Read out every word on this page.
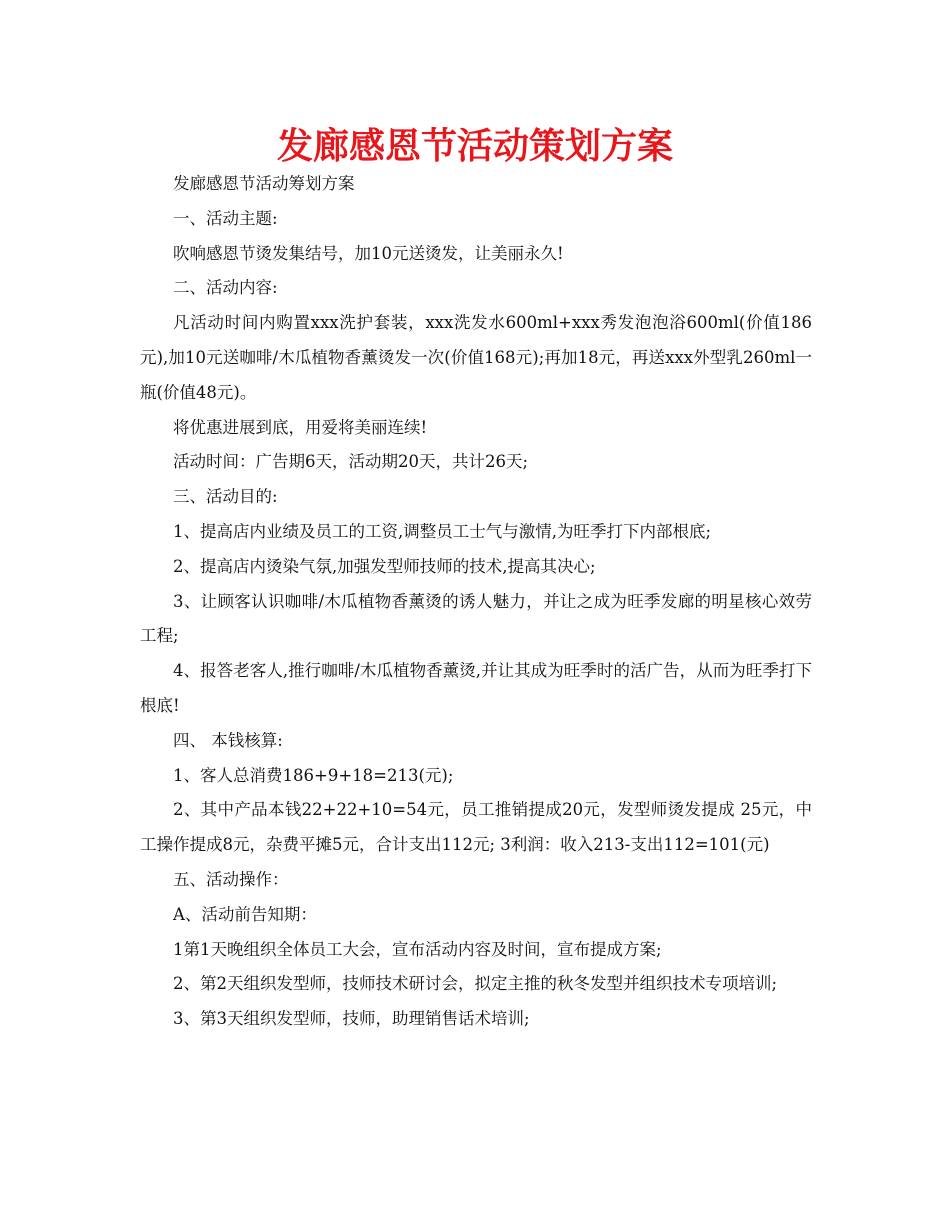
发廊感恩节活动策划方案

发廊感恩节活动筹划方案

一、活动主题:

吹响感恩节烫发集结号，加10元送烫发，让美丽永久!

二、活动内容:

凡活动时间内购置xxx洗护套装，xxx洗发水600ml+xxx秀发泡泡浴600ml(价值186元),加10元送咖啡/木瓜植物香薰烫发一次(价值168元);再加18元，再送xxx外型乳260ml一瓶(价值48元)。

将优惠进展到底，用爱将美丽连续!

活动时间：广告期6天，活动期20天，共计26天;

三、活动目的:

1、提高店内业绩及员工的工资,调整员工士气与激情,为旺季打下内部根底;

2、提高店内烫染气氛,加强发型师技师的技术,提高其决心;

3、让顾客认识咖啡/木瓜植物香薰烫的诱人魅力，并让之成为旺季发廊的明星核心效劳工程;

4、报答老客人,推行咖啡/木瓜植物香薰烫,并让其成为旺季时的活广告，从而为旺季打下根底!

四、 本钱核算:

1、客人总消费186+9+18=213(元);

2、其中产品本钱22+22+10=54元，员工推销提成20元，发型师烫发提成 25元，中工操作提成8元，杂费平摊5元，合计支出112元; 3利润：收入213-支出112=101(元)

五、活动操作：

A、活动前告知期：

1第1天晚组织全体员工大会，宣布活动内容及时间，宣布提成方案;

2、第2天组织发型师，技师技术研讨会，拟定主推的秋冬发型并组织技术专项培训;

3、第3天组织发型师，技师，助理销售话术培训;
